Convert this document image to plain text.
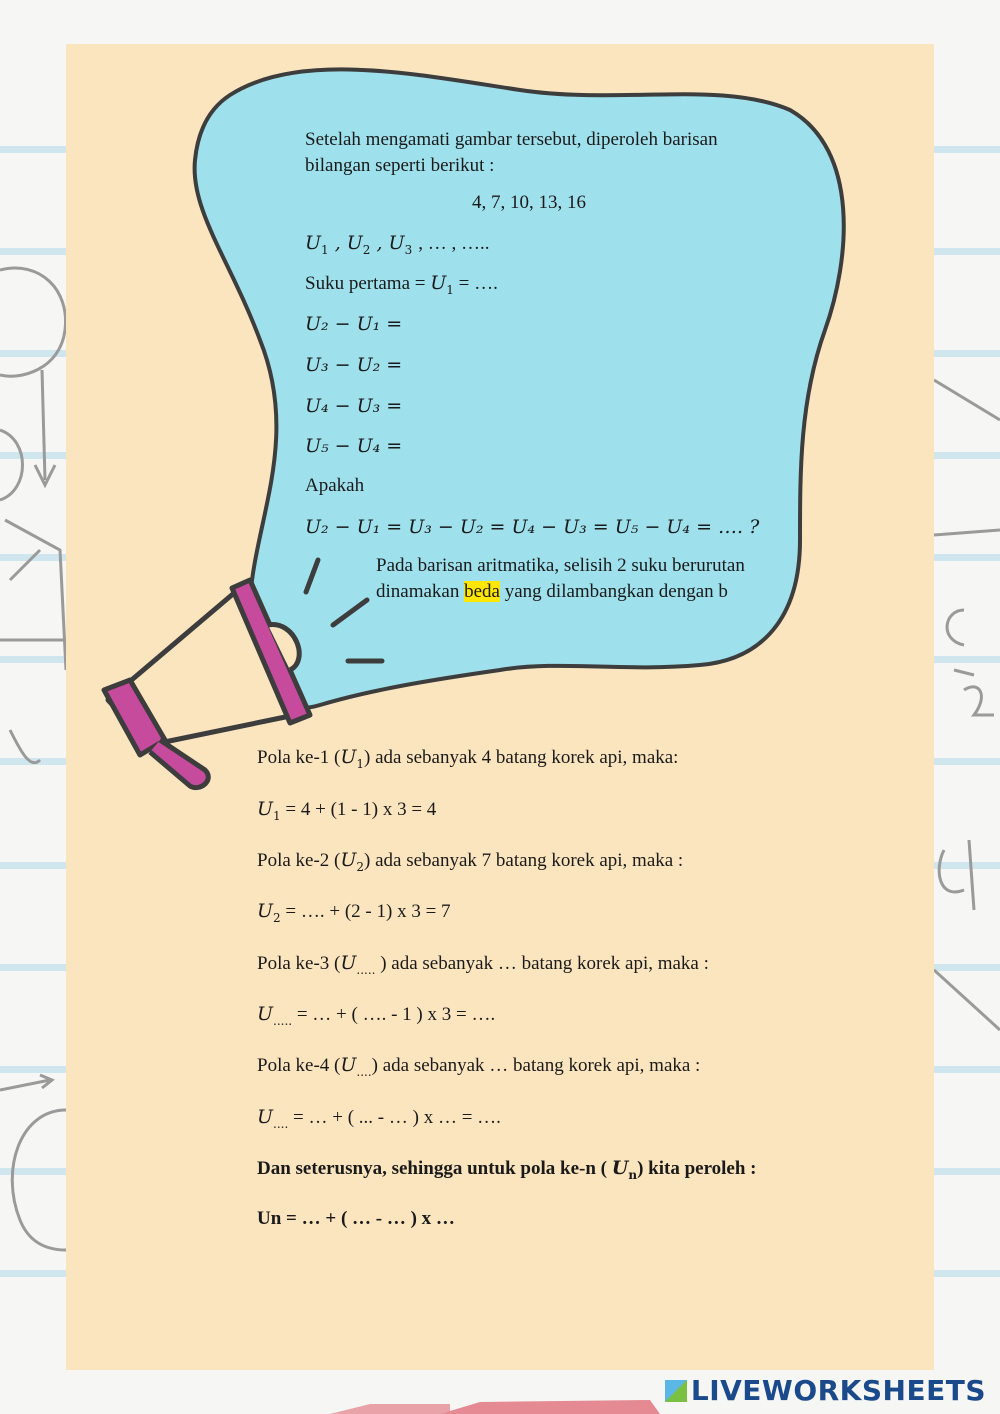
Setelah mengamati gambar tersebut, diperoleh barisan bilangan seperti berikut :
4, 7, 10, 13, 16
$U_1$ , $U_2$ , $U_3$ , … , …..
Suku pertama = $U_1$ = ….
U₂ − U₁ =
U₃ − U₂ =
U₄ − U₃ =
U₅ − U₄ =
Apakah
U₂ − U₁ = U₃ − U₂ = U₄ − U₃ = U₅ − U₄ = …. ?
Pada barisan aritmatika, selisih 2 suku berurutan dinamakan beda yang dilambangkan dengan b
Pola ke-1 $(U_1)$ ada sebanyak 4 batang korek api, maka:
$U_1 = 4 + (1 - 1)$ x 3 = 4
Pola ke-2 $(U_2)$ ada sebanyak 7 batang korek api, maka :
$U_2$ = …. + (2 - 1) x 3 = 7
Pola ke-3 ($U_{.....}$ ) ada sebanyak … batang korek api, maka :
$U_{.....}$ = … + ( …. - 1 ) x 3 = ….
Pola ke-4 $(U_{....})$ ada sebanyak … batang korek api, maka :
$U_{....}$ = … + ( ... - … ) x … = ….
Dan seterusnya, sehingga untuk pola ke-n ( $U_n$) kita peroleh :
Un = … + ( … - … ) x …
LIVEWORKSHEETS
